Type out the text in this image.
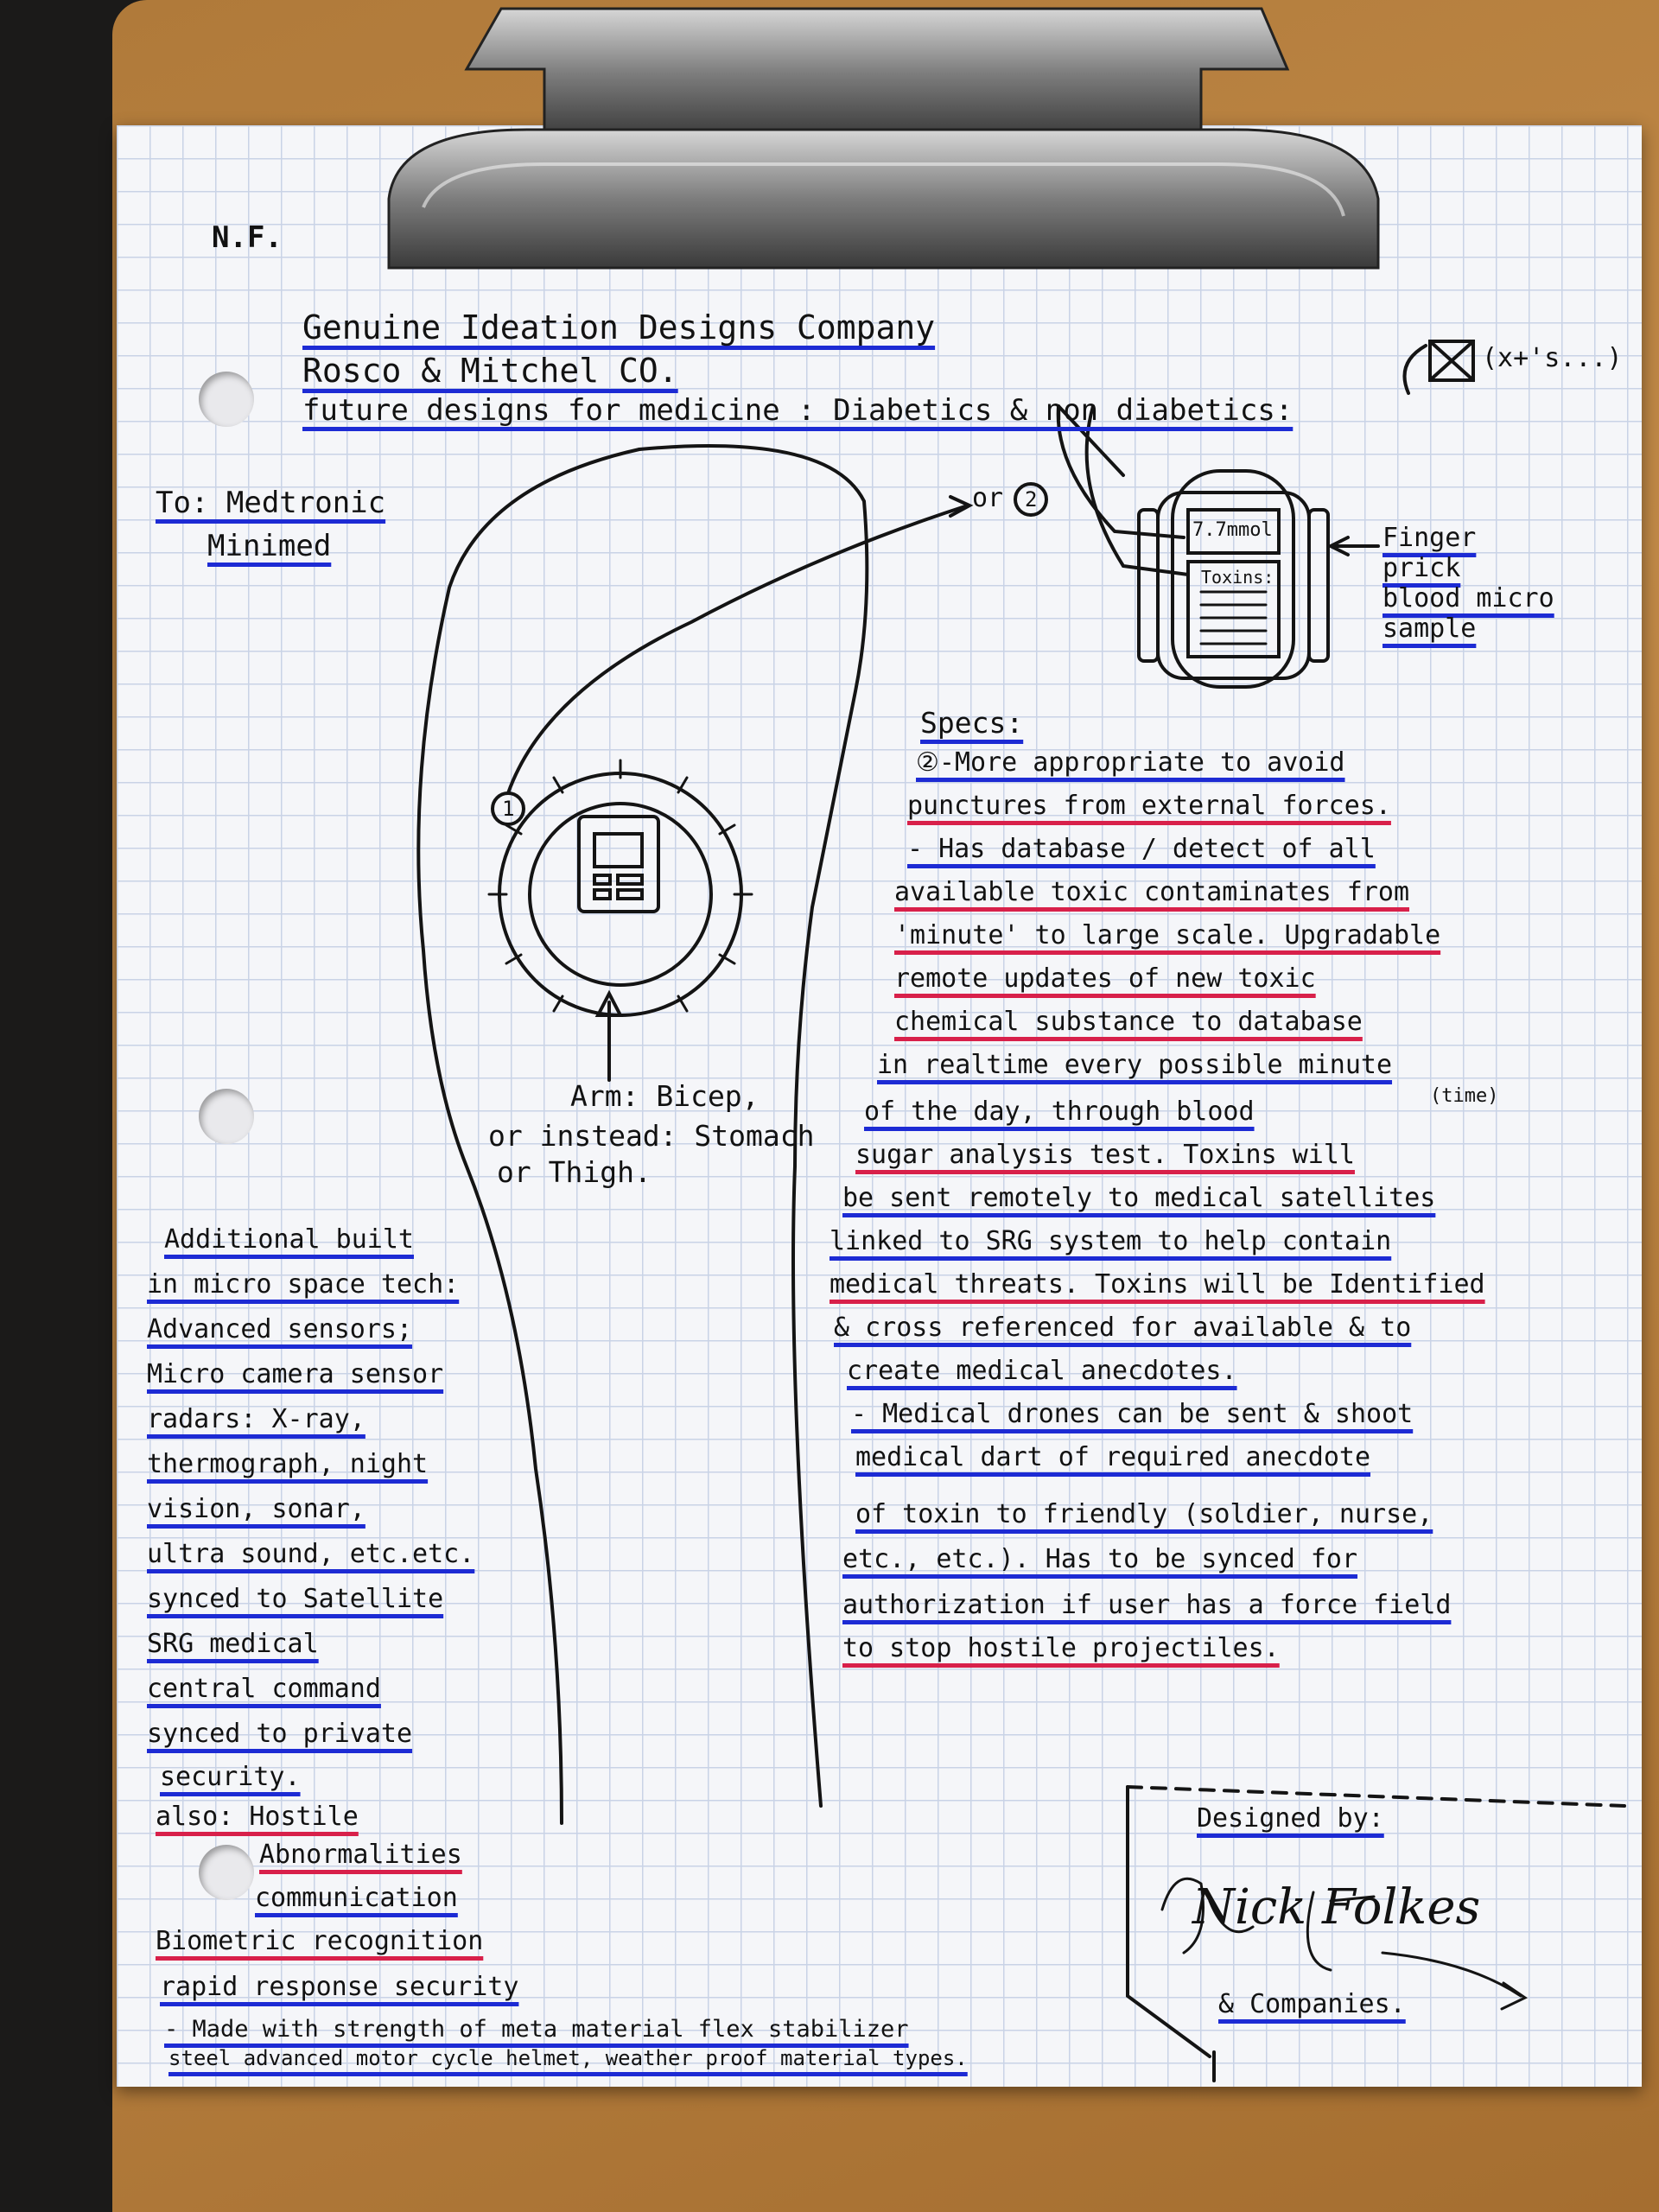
N.F.
Genuine Ideation Designs Company
Rosco & Mitchel CO.
future designs for medicine : Diabetics & non diabetics:
(x+'s...)
To: Medtronic
Minimed
or
1
2
7.7mmol
Toxins:
Finger
prick
blood micro
sample
Arm: Bicep,
or instead: Stomach
or Thigh.
Specs:
②-More appropriate to avoid
punctures from external forces.
- Has database / detect of all
available toxic contaminates from
'minute' to large scale. Upgradable
remote updates of new toxic
chemical substance to database
in realtime every possible minute
(time)
of the day, through blood
sugar analysis test. Toxins will
be sent remotely to medical satellites
linked to SRG system to help contain
medical threats. Toxins will be Identified
& cross referenced for available & to
create medical anecdotes.
- Medical drones can be sent & shoot
medical dart of required anecdote
of toxin to friendly (soldier, nurse,
etc., etc.). Has to be synced for
authorization if user has a force field
to stop hostile projectiles.
Additional built
in micro space tech:
Advanced sensors;
Micro camera sensor
radars: X-ray,
thermograph, night
vision, sonar,
ultra sound, etc.etc.
synced to Satellite
SRG medical
central command
synced to private
security.
also: Hostile
Abnormalities
communication
Biometric recognition
rapid response security
- Made with strength of meta material flex stabilizer
steel advanced motor cycle helmet, weather proof material types.
Designed by:
Nick Folkes
& Companies.
